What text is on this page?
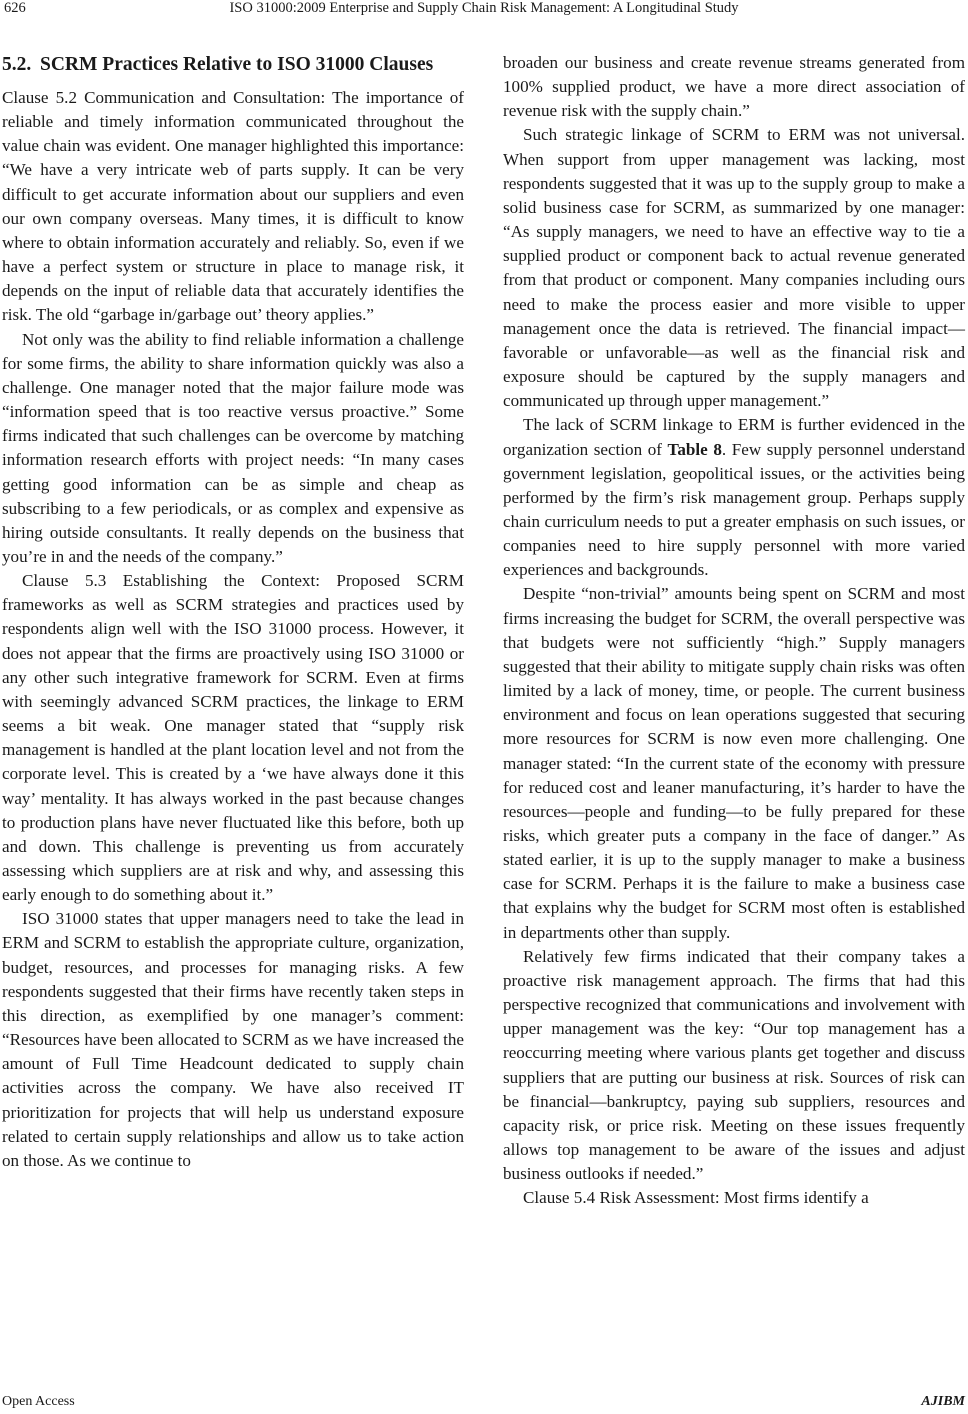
626	ISO 31000:2009 Enterprise and Supply Chain Risk Management: A Longitudinal Study
5.2. SCRM Practices Relative to ISO 31000 Clauses

Clause 5.2 Communication and Consultation: The importance of reliable and timely information communicated throughout the value chain was evident. One manager highlighted this importance: “We have a very intricate web of parts supply. It can be very difficult to get accurate information about our suppliers and even our own company overseas. Many times, it is difficult to know where to obtain information accurately and reliably. So, even if we have a perfect system or structure in place to manage risk, it depends on the input of reliable data that accurately identifies the risk. The old “garbage in/garbage out’ theory applies.”

Not only was the ability to find reliable information a challenge for some firms, the ability to share information quickly was also a challenge. One manager noted that the major failure mode was “information speed that is too reactive versus proactive.” Some firms indicated that such challenges can be overcome by matching information research efforts with project needs: “In many cases getting good information can be as simple and cheap as subscribing to a few periodicals, or as complex and expensive as hiring outside consultants. It really depends on the business that you’re in and the needs of the company.”

Clause 5.3 Establishing the Context: Proposed SCRM frameworks as well as SCRM strategies and practices used by respondents align well with the ISO 31000 process. However, it does not appear that the firms are proactively using ISO 31000 or any other such integrative framework for SCRM. Even at firms with seemingly advanced SCRM practices, the linkage to ERM seems a bit weak. One manager stated that “supply risk management is handled at the plant location level and not from the corporate level. This is created by a ‘we have always done it this way’ mentality. It has always worked in the past because changes to production plans have never fluctuated like this before, both up and down. This challenge is preventing us from accurately assessing which suppliers are at risk and why, and assessing this early enough to do something about it.”

ISO 31000 states that upper managers need to take the lead in ERM and SCRM to establish the appropriate culture, organization, budget, resources, and processes for managing risks. A few respondents suggested that their firms have recently taken steps in this direction, as exemplified by one manager’s comment: “Resources have been allocated to SCRM as we have increased the amount of Full Time Headcount dedicated to supply chain activities across the company. We have also received IT prioritization for projects that will help us understand exposure related to certain supply relationships and allow us to take action on those. As we continue to

broaden our business and create revenue streams generated from 100% supplied product, we have a more direct association of revenue risk with the supply chain.”

Such strategic linkage of SCRM to ERM was not universal. When support from upper management was lacking, most respondents suggested that it was up to the supply group to make a solid business case for SCRM, as summarized by one manager: “As supply managers, we need to have an effective way to tie a supplied product or component back to actual revenue generated from that product or component. Many companies including ours need to make the process easier and more visible to upper management once the data is retrieved. The financial impact—favorable or unfavorable—as well as the financial risk and exposure should be captured by the supply managers and communicated up through upper management.”

The lack of SCRM linkage to ERM is further evidenced in the organization section of Table 8. Few supply personnel understand government legislation, geopolitical issues, or the activities being performed by the firm’s risk management group. Perhaps supply chain curriculum needs to put a greater emphasis on such issues, or companies need to hire supply personnel with more varied experiences and backgrounds.

Despite “non-trivial” amounts being spent on SCRM and most firms increasing the budget for SCRM, the overall perspective was that budgets were not sufficiently “high.” Supply managers suggested that their ability to mitigate supply chain risks was often limited by a lack of money, time, or people. The current business environment and focus on lean operations suggested that securing more resources for SCRM is now even more challenging. One manager stated: “In the current state of the economy with pressure for reduced cost and leaner manufacturing, it’s harder to have the resources—people and funding—to be fully prepared for these risks, which greater puts a company in the face of danger.” As stated earlier, it is up to the supply manager to make a business case for SCRM. Perhaps it is the failure to make a business case that explains why the budget for SCRM most often is established in departments other than supply.

Relatively few firms indicated that their company takes a proactive risk management approach. The firms that had this perspective recognized that communications and involvement with upper management was the key: “Our top management has a reoccurring meeting where various plants get together and discuss suppliers that are putting our business at risk. Sources of risk can be financial—bankruptcy, paying sub suppliers, resources and capacity risk, or price risk. Meeting on these issues frequently allows top management to be aware of the issues and adjust business outlooks if needed.”

Clause 5.4 Risk Assessment: Most firms identify a

Open Access	AJIBM
